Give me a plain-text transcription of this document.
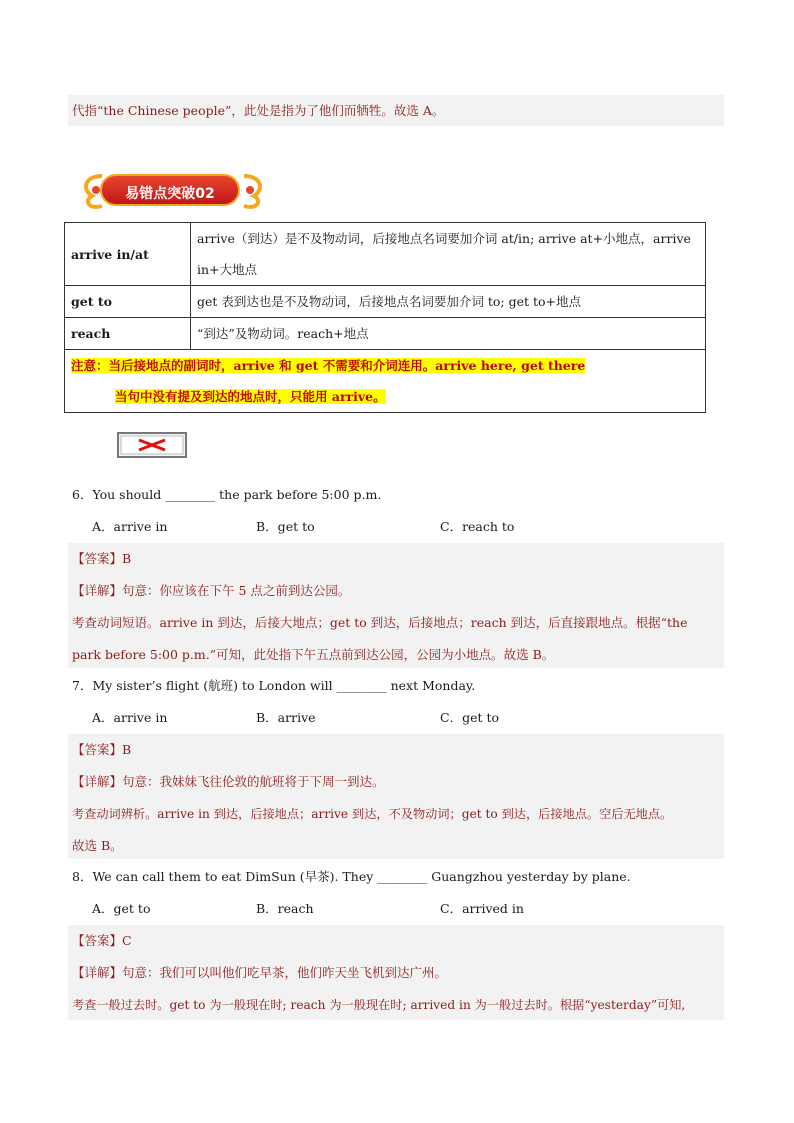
代指“the Chinese people”，此处是指为了他们而牺牲。故选 A。
易错点突破02
arrive in/at	arrive（到达）是不及物动词，后接地点名词要加介词 at/in; arrive at+小地点，arrive
in+大地点

get to	get 表到达也是不及物动词，后接地点名词要加介词 to; get to+地点
reach	“到达”及物动词。reach+地点

注意：当后接地点的副词时，arrive 和 get 不需要和介词连用。arrive here, get there
当句中没有提及到达的地点时，只能用 arrive。	
6．You should ________ the park before 5:00 p.m.
A．arrive in	B．get to	C．reach to
【答案】B
【详解】句意：你应该在下午 5 点之前到达公园。
考查动词短语。arrive in 到达，后接大地点；get to 到达，后接地点；reach 到达，后直接跟地点。根据“the
park before 5:00 p.m.”可知，此处指下午五点前到达公园，公园为小地点。故选 B。
7．My sister’s flight (航班) to London will ________ next Monday.
A．arrive in	B．arrive	C．get to
【答案】B
【详解】句意：我妹妹飞往伦敦的航班将于下周一到达。
考查动词辨析。arrive in 到达，后接地点；arrive 到达，不及物动词；get to 到达，后接地点。空后无地点。
故选 B。
8．We can call them to eat DimSun (早茶). They ________ Guangzhou yesterday by plane.
A．get to	B．reach	C．arrived in
【答案】C
【详解】句意：我们可以叫他们吃早茶，他们昨天坐飞机到达广州。
考查一般过去时。get to 为一般现在时; reach 为一般现在时; arrived in 为一般过去时。根据“yesterday”可知,
